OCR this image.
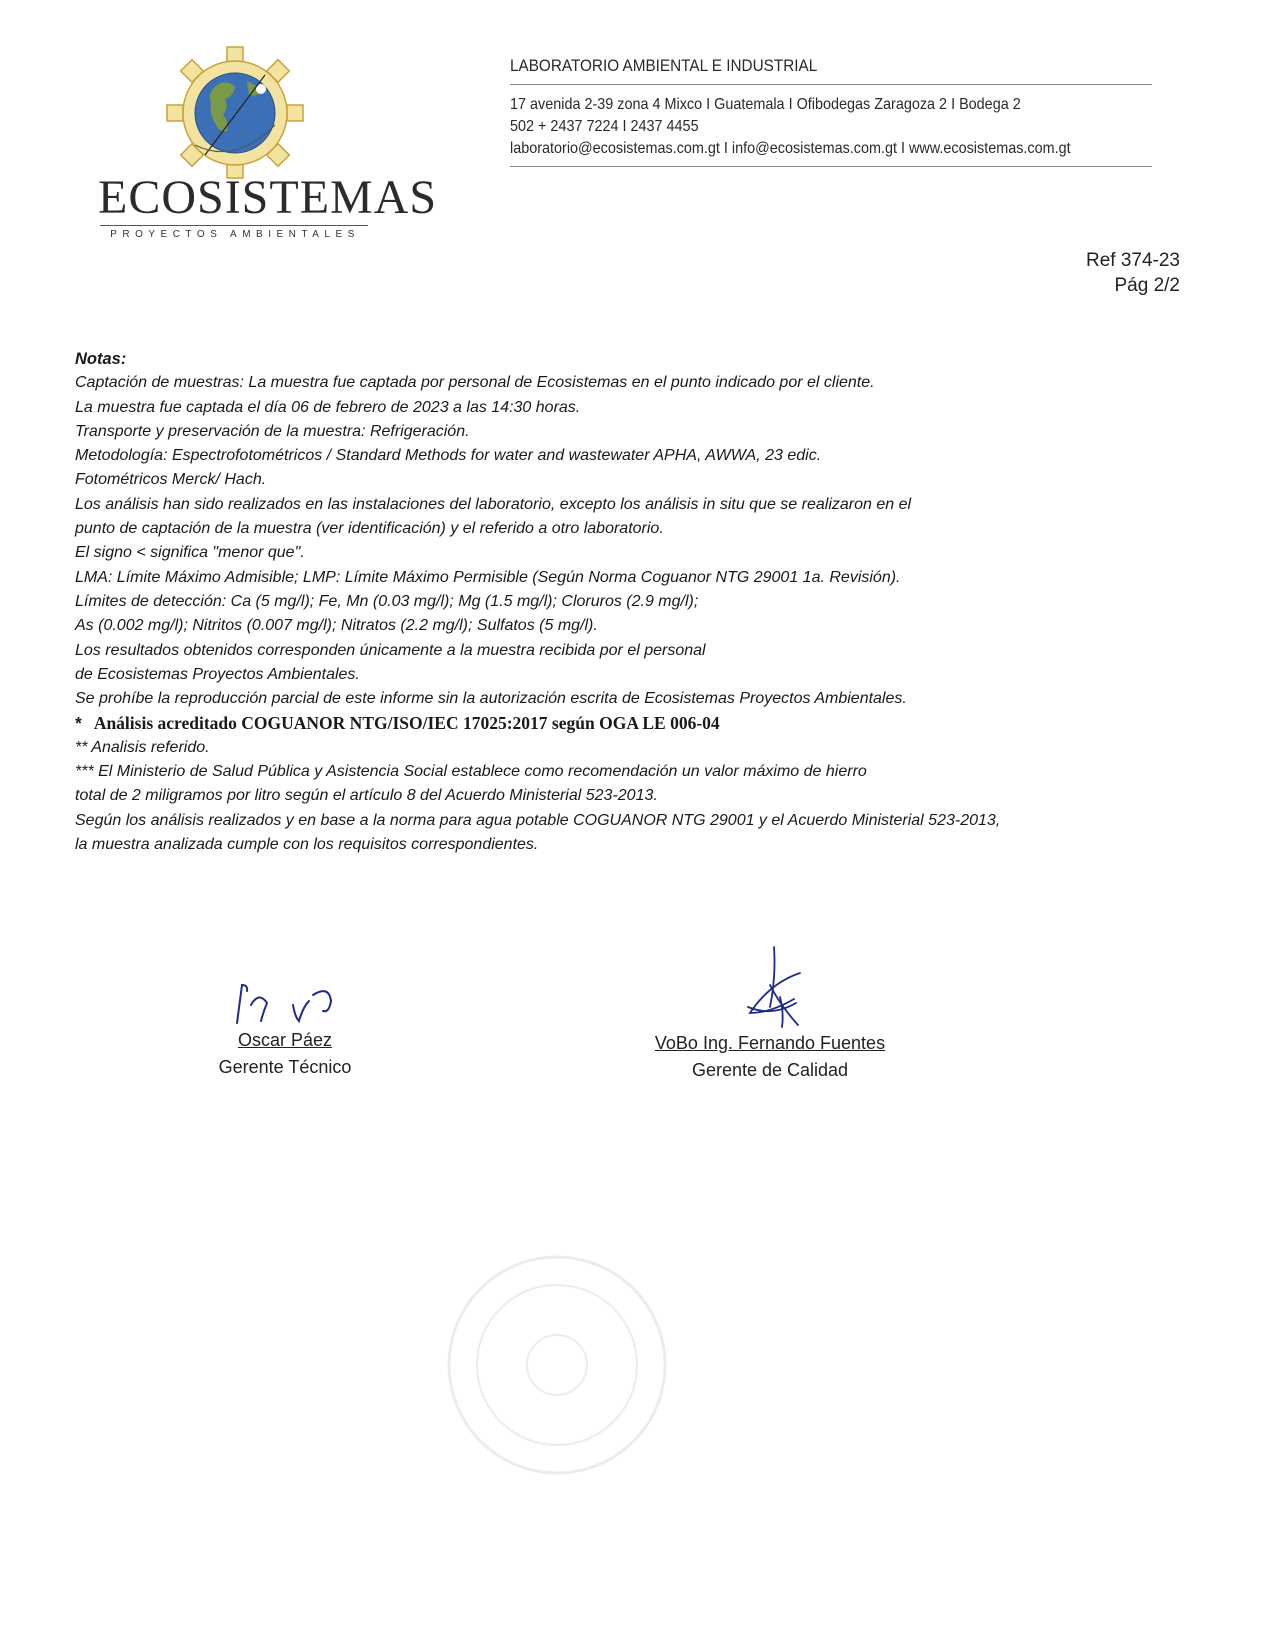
ECOSISTEMAS
PROYECTOS AMBIENTALES
LABORATORIO AMBIENTAL E INDUSTRIAL
17 avenida 2-39 zona 4 Mixco I Guatemala I Ofibodegas Zaragoza 2 I Bodega 2
502 + 2437 7224 I 2437 4455
laboratorio@ecosistemas.com.gt I info@ecosistemas.com.gt I www.ecosistemas.com.gt
Ref 374-23
Pág 2/2
Notas:
Captación de muestras: La muestra fue captada por personal de Ecosistemas en el punto indicado por el cliente.
La muestra fue captada el día 06 de febrero de 2023 a las 14:30 horas.
Transporte y preservación de la muestra: Refrigeración.
Metodología: Espectrofotométricos / Standard Methods for water and wastewater APHA, AWWA, 23 edic.
Fotométricos Merck/ Hach.
Los análisis han sido realizados en las instalaciones del laboratorio, excepto los análisis in situ que se realizaron en el
punto de captación de la muestra (ver identificación) y el referido a otro laboratorio.
El signo < significa "menor que".
LMA: Límite Máximo Admisible; LMP: Límite Máximo Permisible (Según Norma Coguanor NTG 29001 1a. Revisión).
Límites de detección: Ca (5 mg/l); Fe, Mn (0.03 mg/l); Mg (1.5 mg/l); Cloruros (2.9 mg/l);
As (0.002 mg/l); Nitritos (0.007 mg/l); Nitratos (2.2 mg/l); Sulfatos (5 mg/l).
Los resultados obtenidos corresponden únicamente a la muestra recibida por el personal
de Ecosistemas Proyectos Ambientales.
Se prohíbe la reproducción parcial de este informe sin la autorización escrita de Ecosistemas Proyectos Ambientales.
* Análisis acreditado COGUANOR NTG/ISO/IEC 17025:2017 según OGA LE 006-04
** Analisis referido.
*** El Ministerio de Salud Pública y Asistencia Social establece como recomendación un valor máximo de hierro
total de 2 miligramos por litro según el artículo 8 del Acuerdo Ministerial 523-2013.
Según los análisis realizados y en base a la norma para agua potable COGUANOR NTG 29001 y el Acuerdo Ministerial 523-2013,
la muestra analizada cumple con los requisitos correspondientes.
Oscar Páez
Gerente Técnico
VoBo Ing. Fernando Fuentes
Gerente de Calidad
